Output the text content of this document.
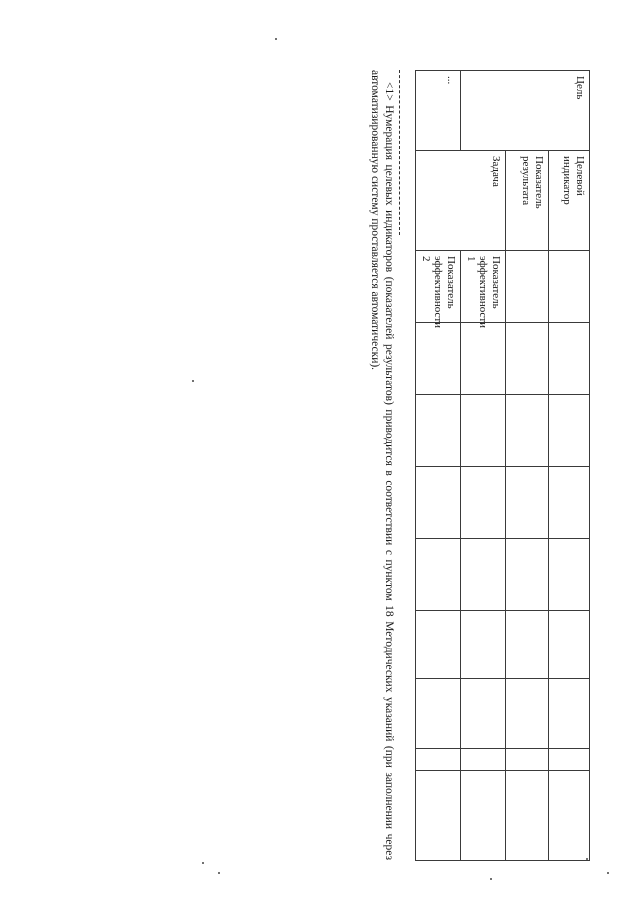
Цель	Целевой индикатор										
	Показатель результата										
	Задача	Показатель эффективности 1									
		Показатель эффективности 2									
...											
<1> Нумерация целевых индикаторов (показателей результатов) приводится в соответствии с пунктом 18 Методических указаний (при заполнении через автоматизированную систему проставляется автоматически).
